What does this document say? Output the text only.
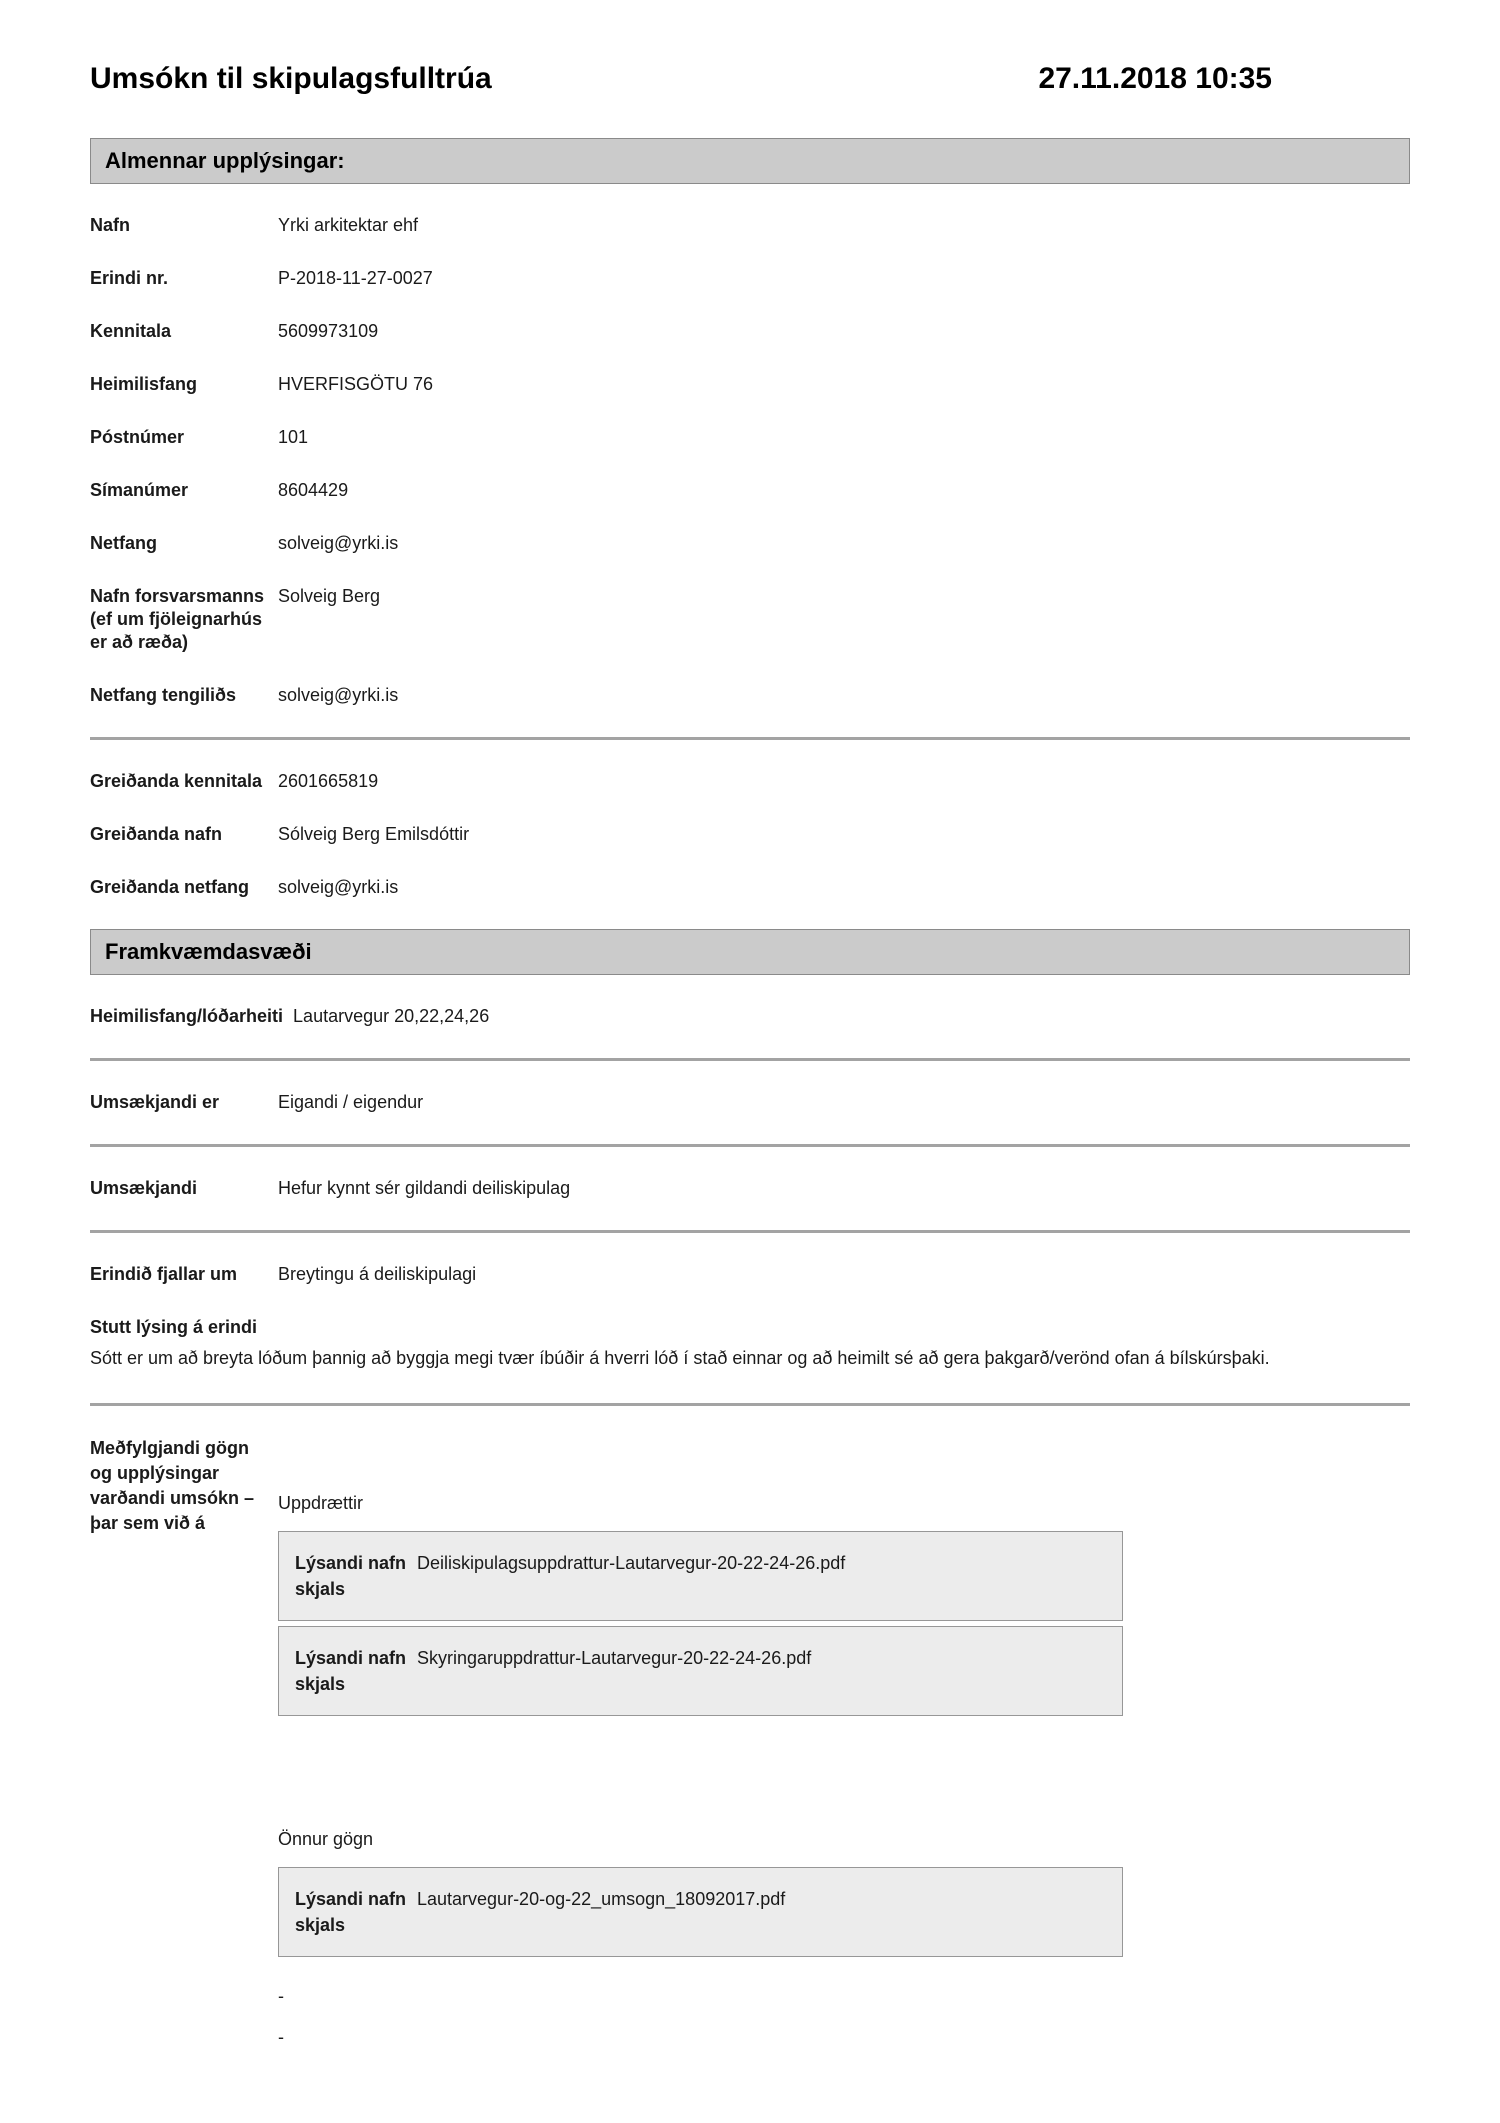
Umsókn til skipulagsfulltrúa	27.11.2018 10:35
Almennar upplýsingar:
Nafn	Yrki arkitektar ehf
Erindi nr.	P-2018-11-27-0027
Kennitala	5609973109
Heimilisfang	HVERFISGÖTU 76
Póstnúmer	101
Símanúmer	8604429
Netfang	solveig@yrki.is
Nafn forsvarsmanns (ef um fjöleignarhús er að ræða)
Solveig Berg
Netfang tengiliðs	solveig@yrki.is
Greiðanda kennitala 2601665819
Greiðanda nafn	Sólveig Berg Emilsdóttir
Greiðanda netfang	solveig@yrki.is
Framkvæmdasvæði
Heimilisfang/lóðarheiti Lautarvegur 20,22,24,26
Umsækjandi er	Eigandi / eigendur
Umsækjandi	Hefur kynnt sér gildandi deiliskipulag
Erindið fjallar um	Breytingu á deiliskipulagi
Stutt lýsing á erindi
Sótt er um að breyta lóðum þannig að byggja megi tvær íbúðir á hverri lóð í stað einnar og að heimilt sé að gera þakgarð/verönd ofan á bílskúrsþaki.
Meðfylgjandi gögn og upplýsingar varðandi umsókn – þar sem við á
Uppdrættir
Lýsandi nafn skjals
Deiliskipulagsuppdrattur-Lautarvegur-20-22-24-26.pdf
Lýsandi nafn skjals
Skyringaruppdrattur-Lautarvegur-20-22-24-26.pdf
Önnur gögn
Lýsandi nafn skjals
Lautarvegur-20-og-22_umsogn_18092017.pdf
-
-
